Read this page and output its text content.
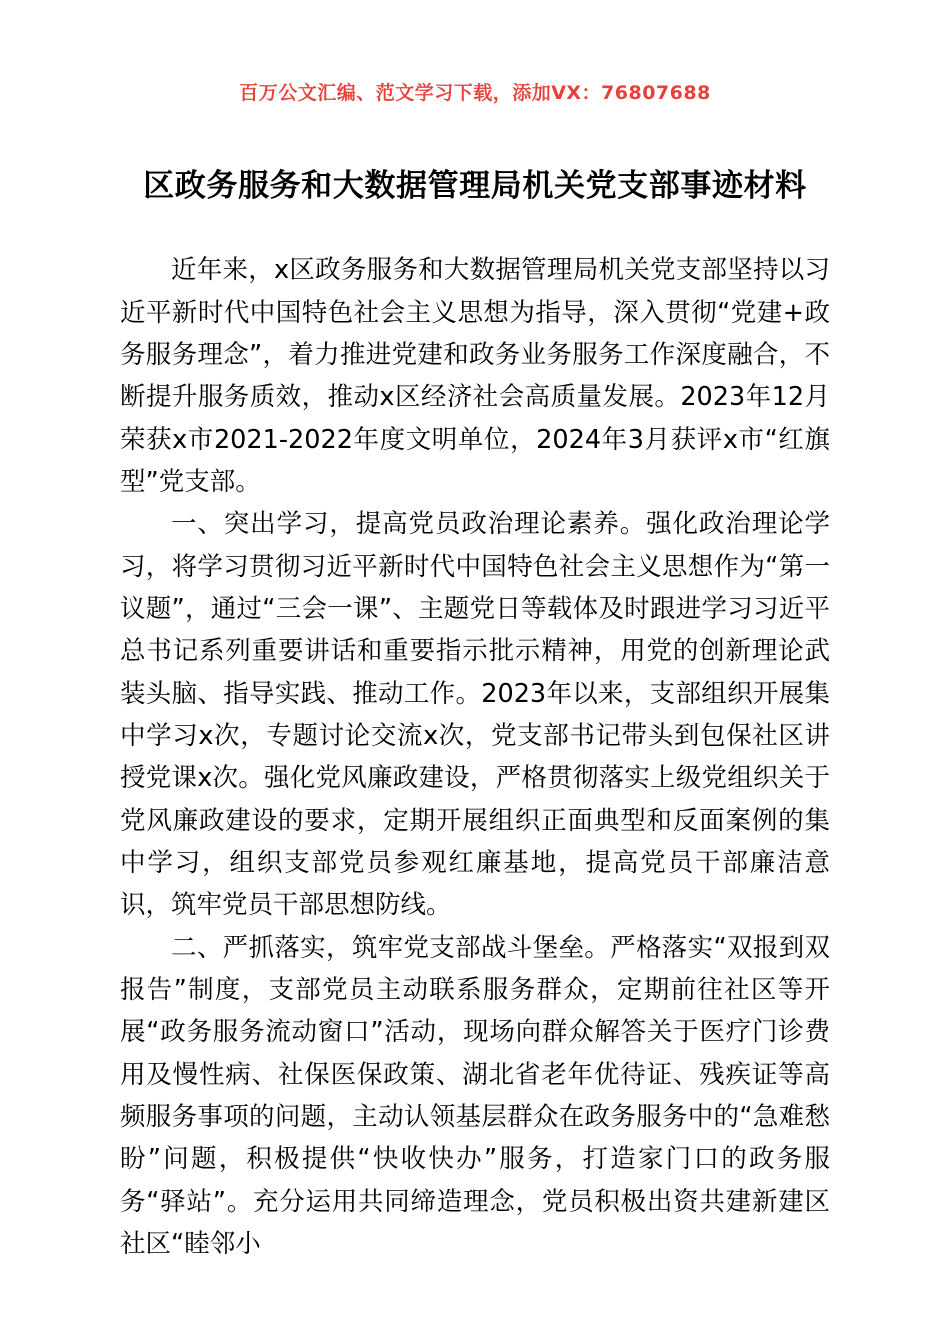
百万公文汇编、范文学习下载，添加VX：76807688
区政务服务和大数据管理局机关党支部事迹材料

近年来，x区政务服务和大数据管理局机关党支部坚持以习近平新时代中国特色社会主义思想为指导，深入贯彻“党建+政务服务理念”，着力推进党建和政务业务服务工作深度融合，不断提升服务质效，推动x区经济社会高质量发展。2023年12月荣获x市2021-2022年度文明单位，2024年3月获评x市“红旗型”党支部。

一、突出学习，提高党员政治理论素养。强化政治理论学习，将学习贯彻习近平新时代中国特色社会主义思想作为“第一议题”，通过“三会一课”、主题党日等载体及时跟进学习习近平总书记系列重要讲话和重要指示批示精神，用党的创新理论武装头脑、指导实践、推动工作。2023年以来，支部组织开展集中学习x次，专题讨论交流x次，党支部书记带头到包保社区讲授党课x次。强化党风廉政建设，严格贯彻落实上级党组织关于党风廉政建设的要求，定期开展组织正面典型和反面案例的集中学习，组织支部党员参观红廉基地，提高党员干部廉洁意识，筑牢党员干部思想防线。

二、严抓落实，筑牢党支部战斗堡垒。严格落实“双报到双报告”制度，支部党员主动联系服务群众，定期前往社区等开展“政务服务流动窗口”活动，现场向群众解答关于医疗门诊费用及慢性病、社保医保政策、湖北省老年优待证、残疾证等高频服务事项的问题，主动认领基层群众在政务服务中的“急难愁盼”问题，积极提供“快收快办”服务，打造家门口的政务服务“驿站”。充分运用共同缔造理念，党员积极出资共建新建区社区“睦邻小
